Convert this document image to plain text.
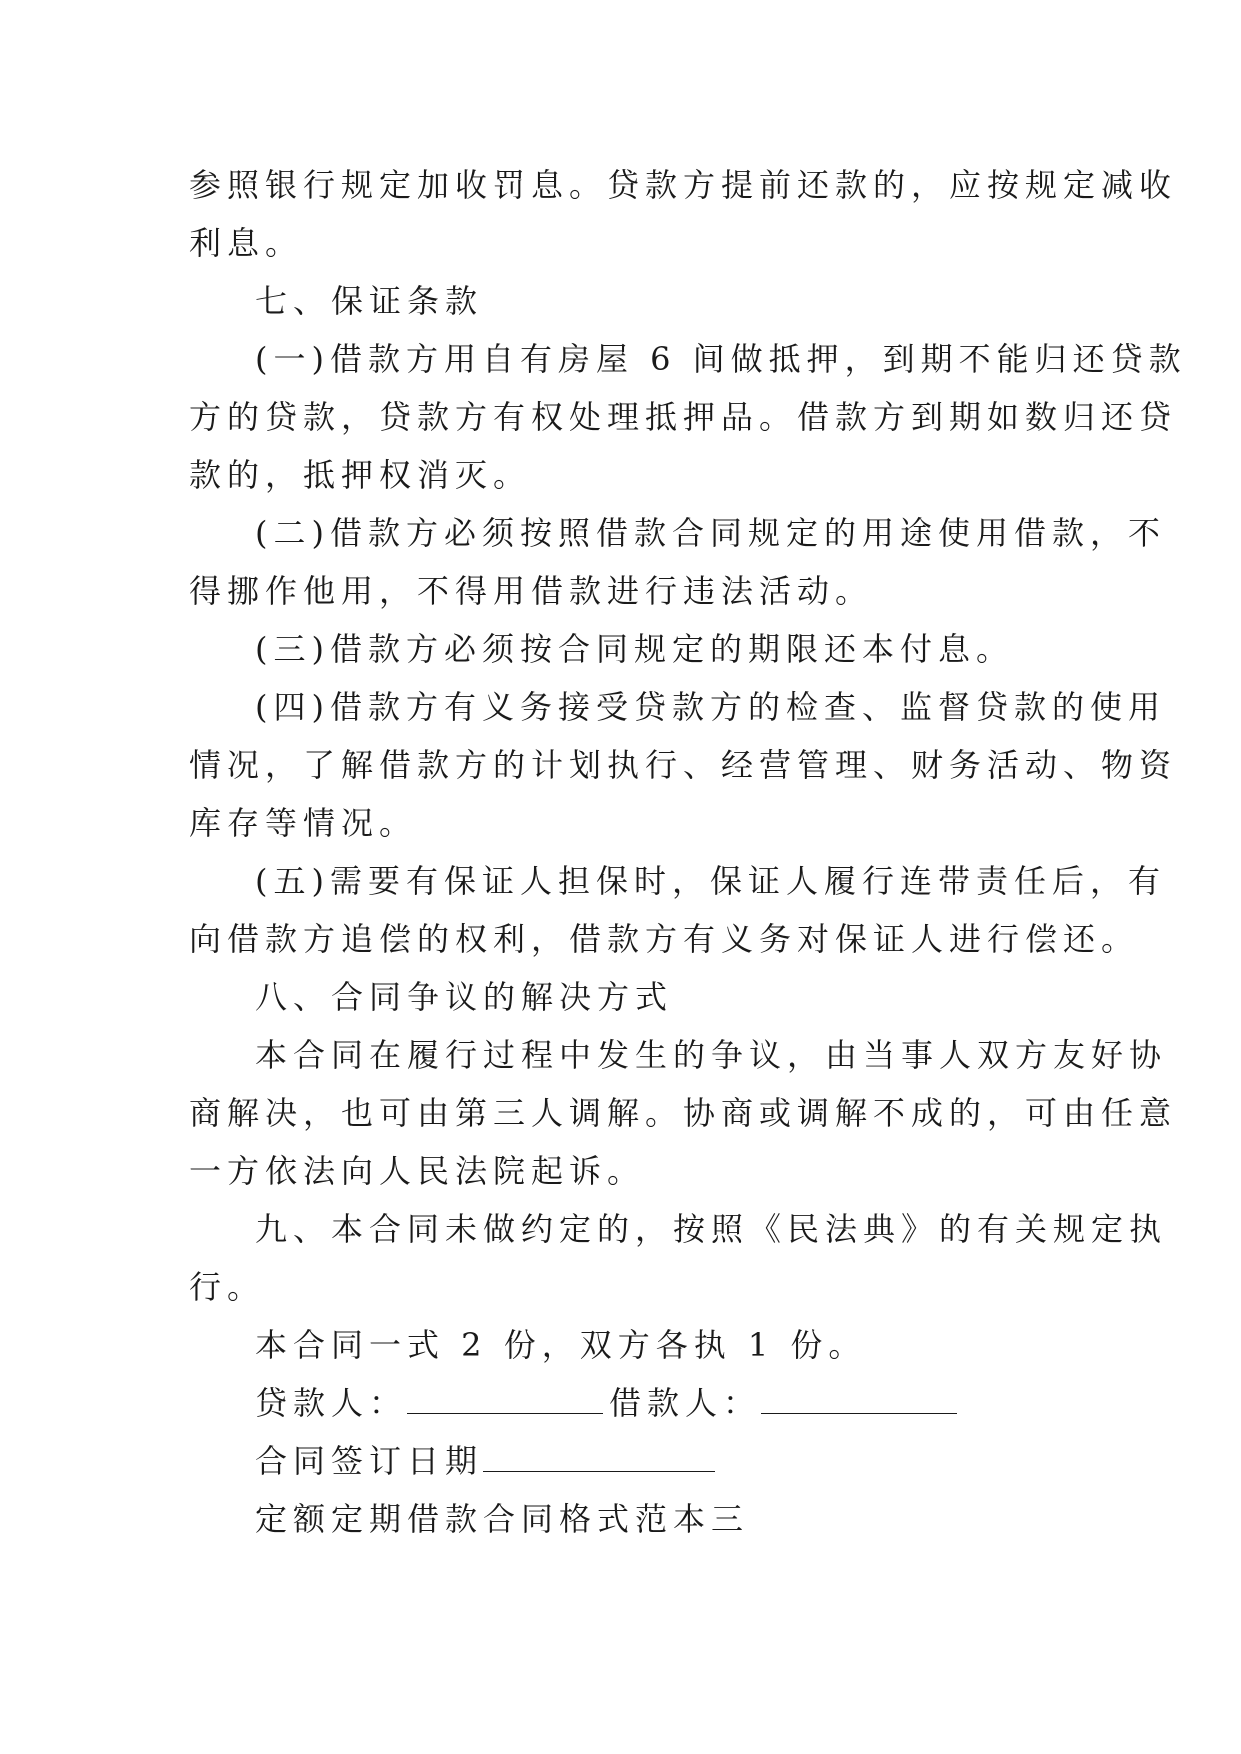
参照银行规定加收罚息。贷款方提前还款的，应按规定减收
利息。
七、保证条款
(一)借款方用自有房屋 6 间做抵押，到期不能归还贷款
方的贷款，贷款方有权处理抵押品。借款方到期如数归还贷
款的，抵押权消灭。
(二)借款方必须按照借款合同规定的用途使用借款，不
得挪作他用，不得用借款进行违法活动。
(三)借款方必须按合同规定的期限还本付息。
(四)借款方有义务接受贷款方的检查、监督贷款的使用
情况，了解借款方的计划执行、经营管理、财务活动、物资
库存等情况。
(五)需要有保证人担保时，保证人履行连带责任后，有
向借款方追偿的权利，借款方有义务对保证人进行偿还。
八、合同争议的解决方式
本合同在履行过程中发生的争议，由当事人双方友好协
商解决，也可由第三人调解。协商或调解不成的，可由任意
一方依法向人民法院起诉。
九、本合同未做约定的，按照《民法典》的有关规定执
行。
本合同一式 2 份，双方各执 1 份。
贷款人：	借款人：
合同签订日期
定额定期借款合同格式范本三
